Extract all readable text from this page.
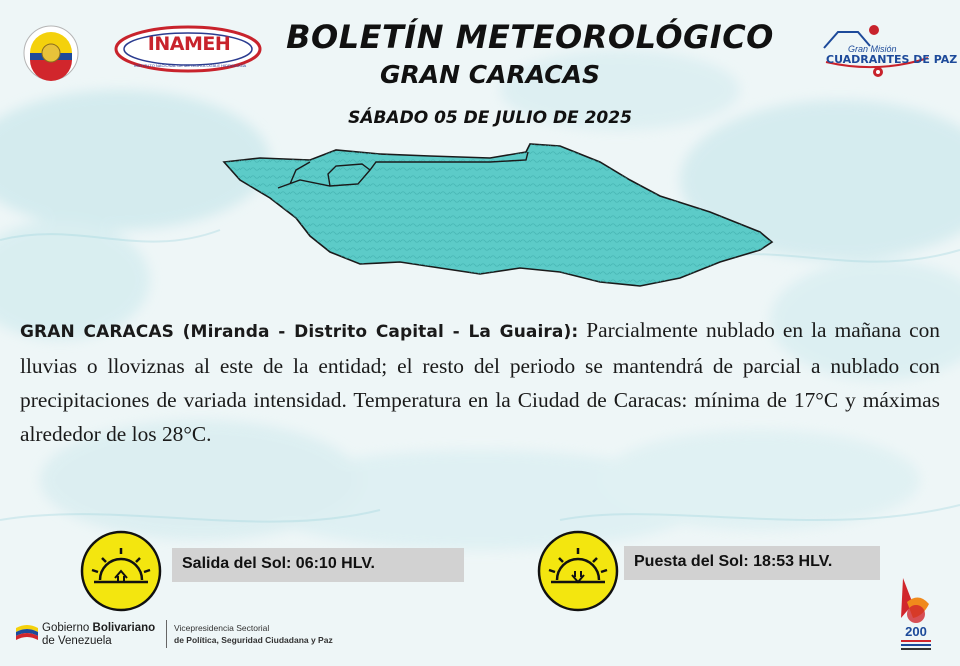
INAMEH
INSTITUTO NACIONAL DE METEOROLOGÍA E HIDROLOGÍA
BOLETÍN METEOROLÓGICO
GRAN CARACAS
SÁBADO 05 DE JULIO DE 2025
Gran Misión
CUADRANTES DE PAZ

GRAN CARACAS (Miranda - Distrito Capital - La Guaira): Parcialmente nublado en la mañana con lluvias o lloviznas al este de la entidad; el resto del periodo se mantendrá de parcial a nublado con precipitaciones de variada intensidad. Temperatura en la Ciudad de Caracas: mínima de 17°C y máximas alrededor de los 28°C.

Salida del Sol: 06:10 HLV.	Puesta del Sol: 18:53 HLV.
Gobierno Bolivariano
de Venezuela
Vicepresidencia Sectorial
de Política, Seguridad Ciudadana y Paz
200
